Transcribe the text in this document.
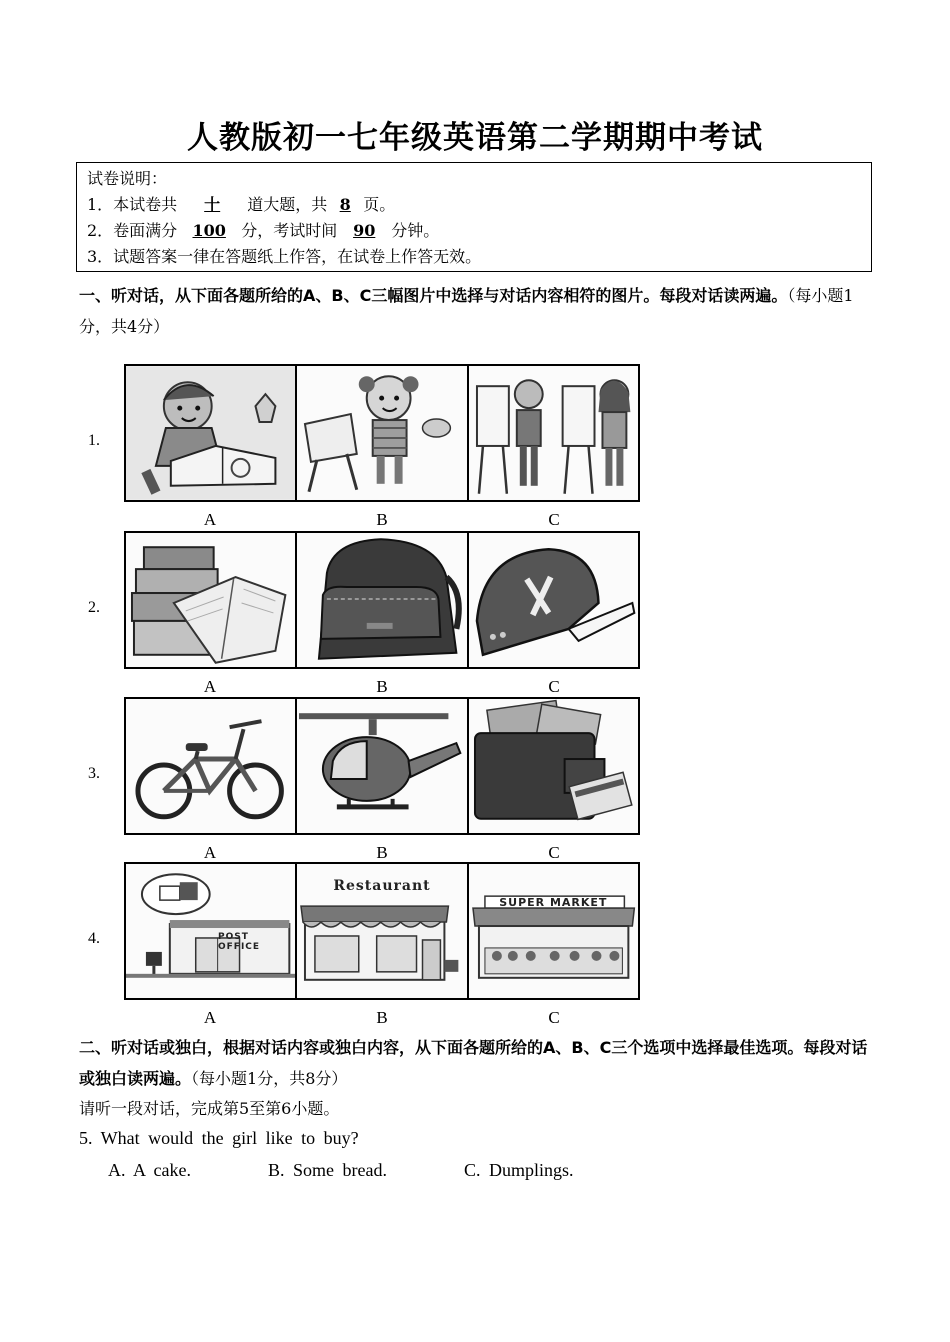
人教版初一七年级英语第二学期期中考试
试卷说明：
1．本试卷共 十 道大题，共 8 页。
2．卷面满分 100 分，考试时间 90 分钟。
3．试题答案一律在答题纸上作答，在试卷上作答无效。
一、听对话，从下面各题所给的A、B、C三幅图片中选择与对话内容相符的图片。每段对话读两遍。（每小题1分，共4分）
1.
A	B	C
2.
A	B	C
3.
A	B	C
4.	POST OFFICE
Restaurant
SUPER MARKET
A	B	C
二、听对话或独白，根据对话内容或独白内容，从下面各题所给的A、B、C三个选项中选择最佳选项。每段对话或独白读两遍。（每小题1分，共8分）
请听一段对话，完成第5至第6小题。
5. What would the girl like to buy?
A. A cake.	B. Some bread.	C. Dumplings.
